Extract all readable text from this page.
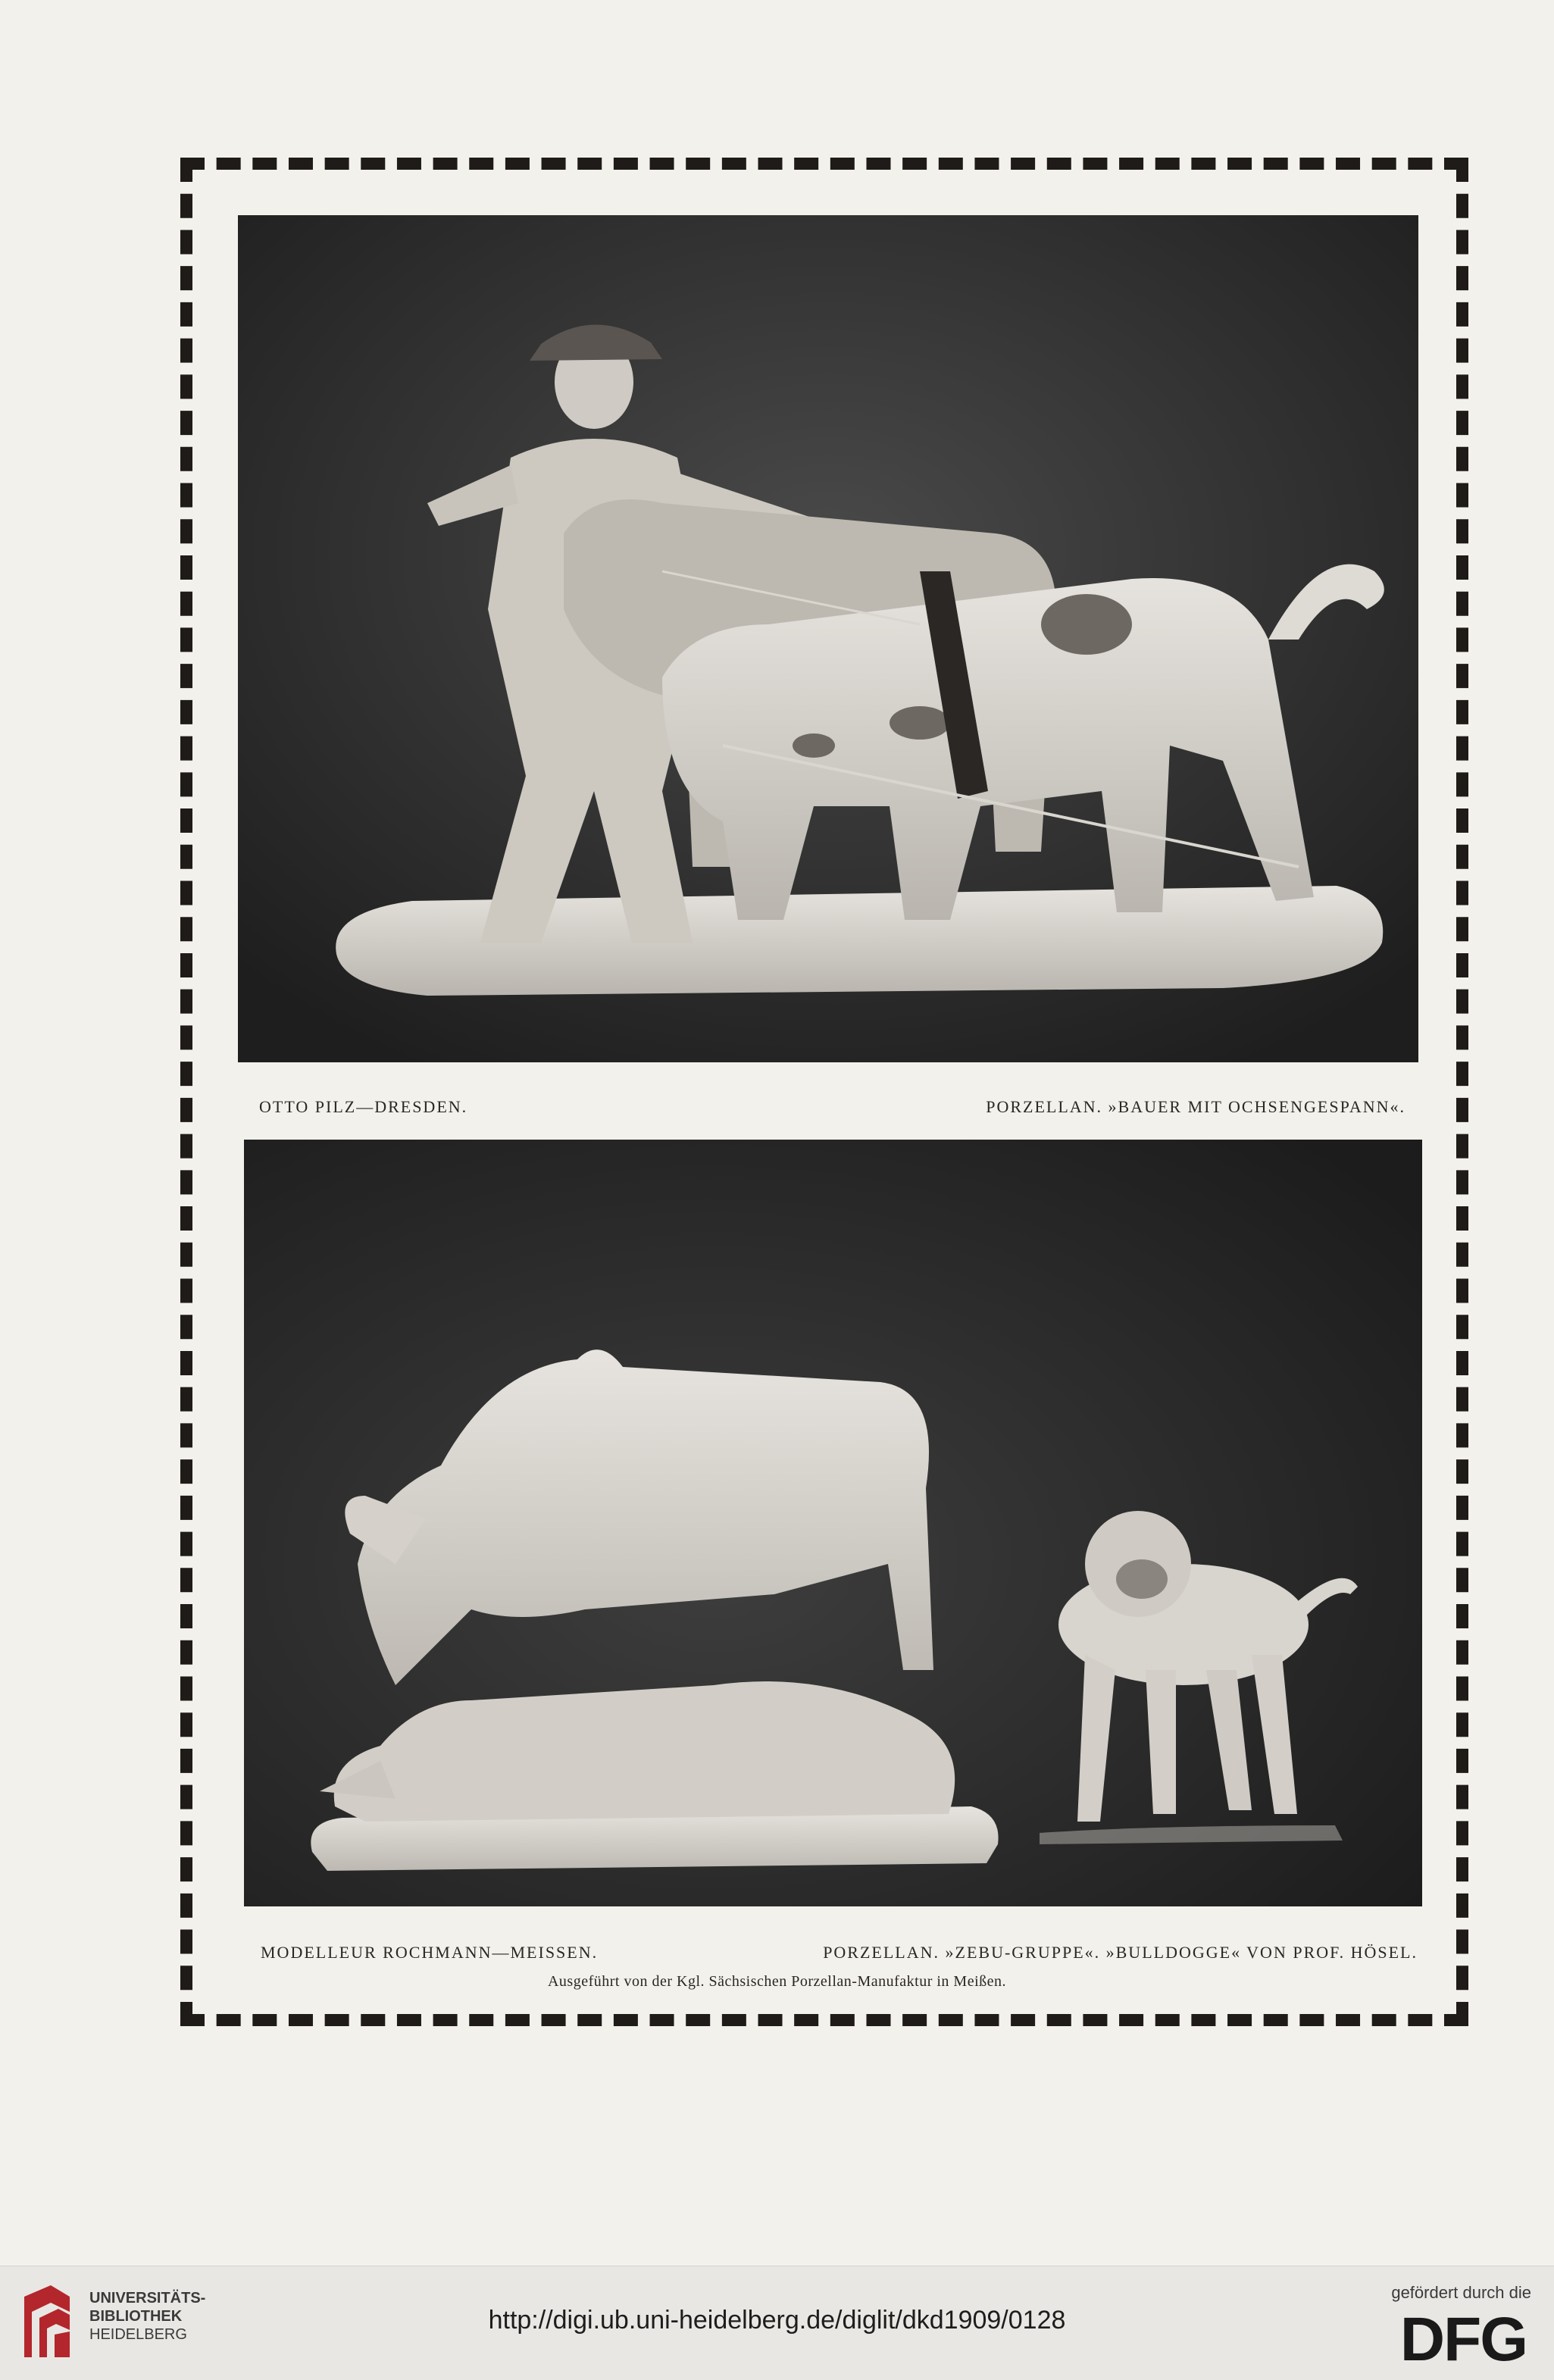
OTTO PILZ—DRESDEN.	PORZELLAN. »BAUER MIT OCHSENGESPANN«.
MODELLEUR ROCHMANN—MEISSEN.	PORZELLAN. »ZEBU-GRUPPE«. »BULLDOGGE« VON PROF. HÖSEL.
Ausgeführt von der Kgl. Sächsischen Porzellan-Manufaktur in Meißen.
UNIVERSITÄTS-
BIBLIOTHEK
HEIDELBERG	http://digi.ub.uni-heidelberg.de/diglit/dkd1909/0128
gefördert durch die
DFG
